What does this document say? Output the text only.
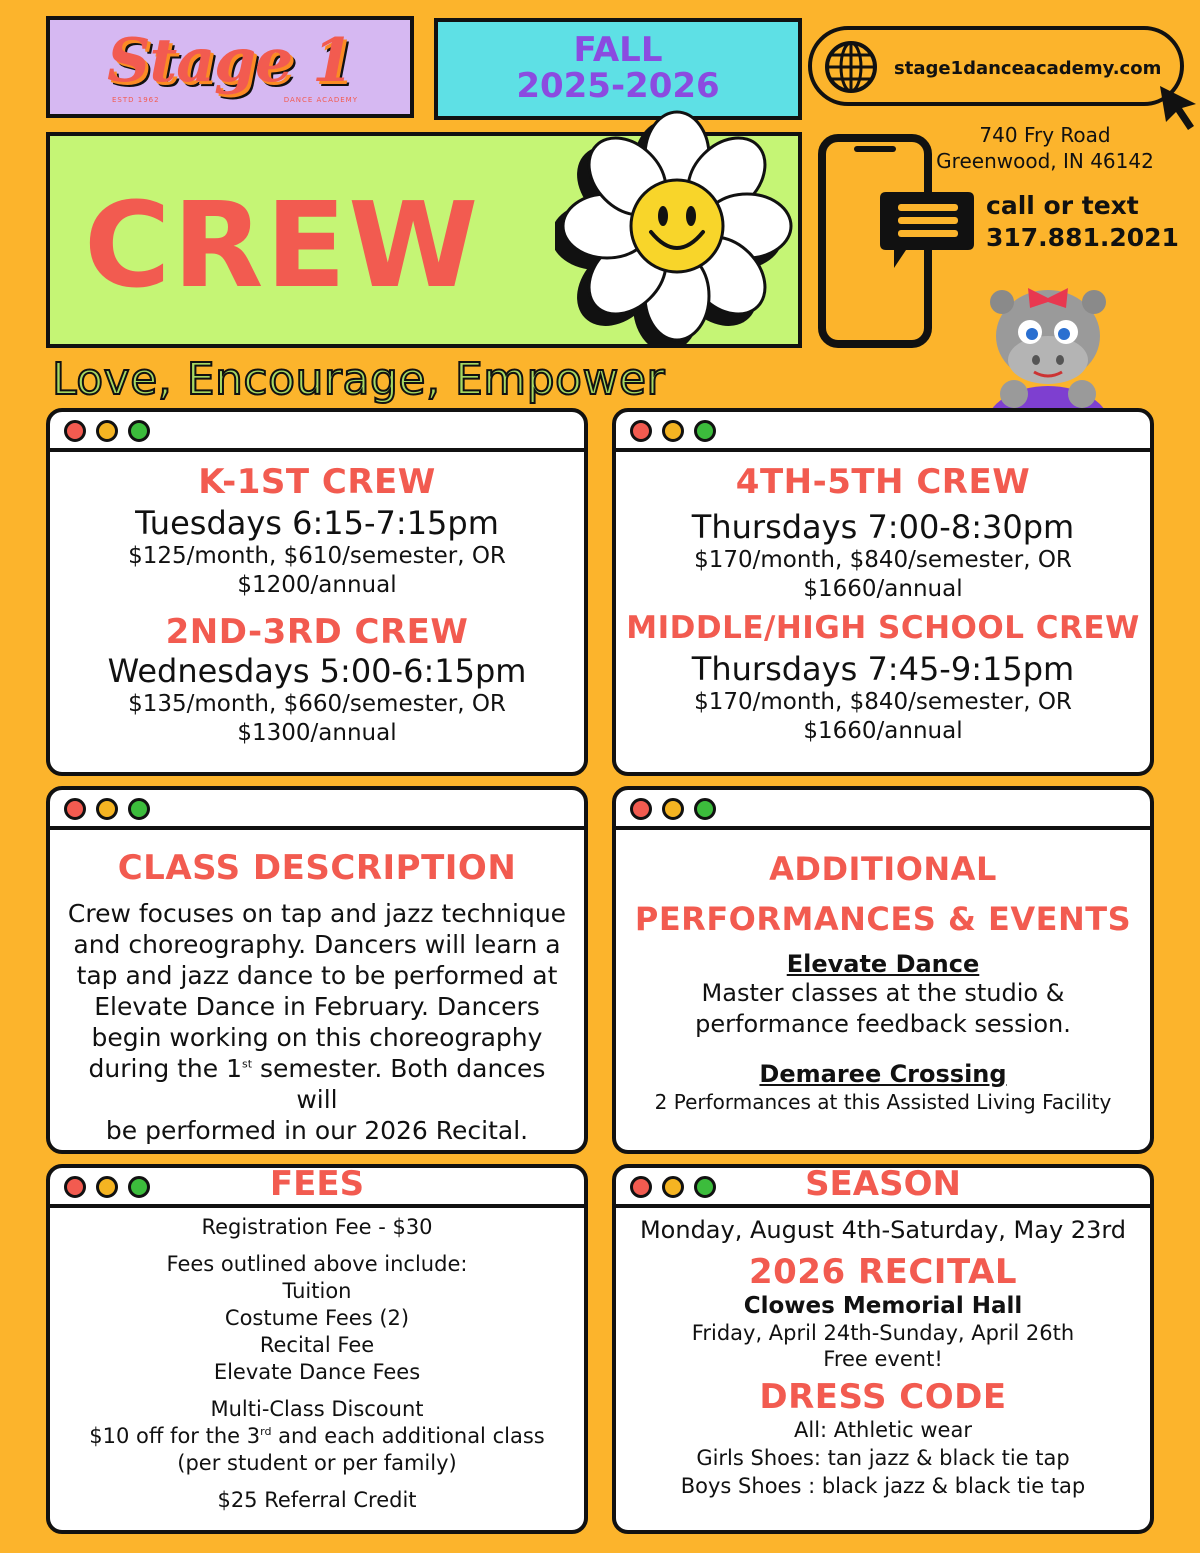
Stage 1
ESTD 1962	DANCE ACADEMY
FALL
2025-2026
CREW
stage1danceacademy.com
740 Fry Road
Greenwood, IN 46142
call or text
317.881.2021
Love, Encourage, Empower
K-1ST CREW
Tuesdays 6:15-7:15pm
$125/month, $610/semester, OR
$1200/annual
2ND-3RD CREW
Wednesdays 5:00-6:15pm
$135/month, $660/semester, OR
$1300/annual
4TH-5TH CREW
Thursdays 7:00-8:30pm
$170/month, $840/semester, OR
$1660/annual
MIDDLE/HIGH SCHOOL CREW
Thursdays 7:45-9:15pm
$170/month, $840/semester, OR
$1660/annual
CLASS DESCRIPTION
Crew focuses on tap and jazz technique
and choreography. Dancers will learn a
tap and jazz dance to be performed at
Elevate Dance in February. Dancers
begin working on this choreography
during the 1st semester. Both dances will
be performed in our 2026 Recital.
ADDITIONAL
PERFORMANCES & EVENTS
Elevate Dance
Master classes at the studio &
performance feedback session.
Demaree Crossing
2 Performances at this Assisted Living Facility
FEES
Registration Fee - $30
Fees outlined above include:
Tuition
Costume Fees (2)
Recital Fee
Elevate Dance Fees
Multi-Class Discount
$10 off for the 3rd and each additional class
(per student or per family)
$25 Referral Credit
SEASON
Monday, August 4th-Saturday, May 23rd
2026 RECITAL
Clowes Memorial Hall
Friday, April 24th-Sunday, April 26th
Free event!
DRESS CODE
All: Athletic wear
Girls Shoes: tan jazz & black tie tap
Boys Shoes : black jazz & black tie tap
